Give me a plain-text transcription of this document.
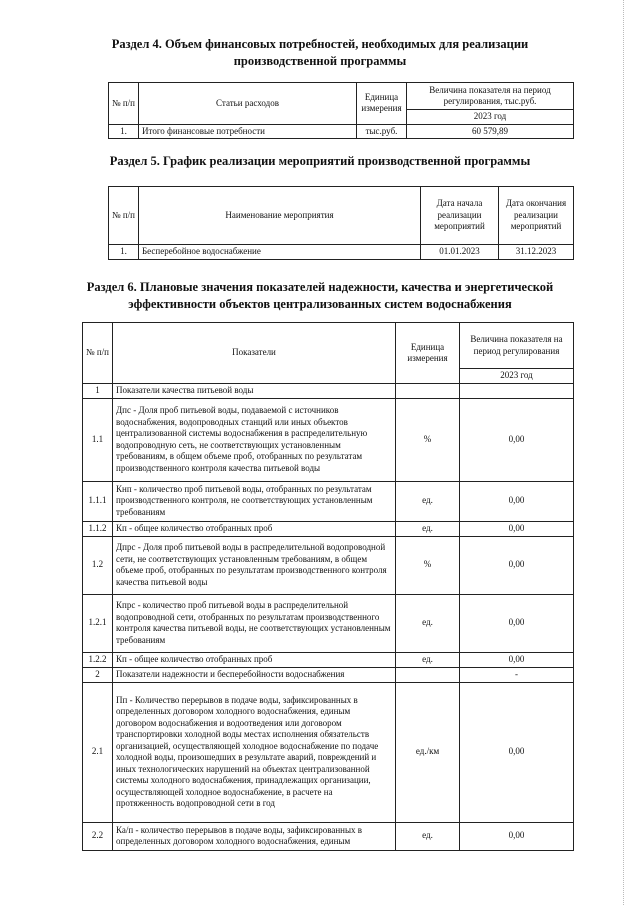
Раздел 4. Объем финансовых потребностей, необходимых для реализации производственной программы
№ п/п	Статьи расходов	Единица измерения	Величина показателя на период регулирования, тыс.руб.
			2023 год
1.	Итого финансовые потребности	тыс.руб.	60 579,89
Раздел 5. График реализации мероприятий производственной программы
№ п/п	Наименование мероприятия	Дата начала реализации мероприятий	Дата окончания реализации мероприятий
1.	Бесперебойное водоснабжение	01.01.2023	31.12.2023
Раздел 6. Плановые значения показателей надежности, качества и энергетической эффективности объектов централизованных систем водоснабжения
№ п/п	Показатели	Единица измерения	Величина показателя на период регулирования
			2023 год
1	Показатели качества питьевой воды		
1.1	Дпс - Доля проб питьевой воды, подаваемой с источников водоснабжения, водопроводных станций или иных объектов централизованной системы водоснабжения в распределительную водопроводную сеть, не соответствующих установленным требованиям, в общем объеме проб, отобранных по результатам производственного контроля качества питьевой воды	%	0,00
1.1.1	Кнп - количество проб питьевой воды, отобранных по результатам производственного контроля, не соответствующих установленным требованиям	ед.	0,00
1.1.2	Кп - общее количество отобранных проб	ед.	0,00
1.2	Дпрс - Доля проб питьевой воды в распределительной водопроводной сети, не соответствующих установленным требованиям, в общем объеме проб, отобранных по результатам производственного контроля качества питьевой воды	%	0,00
1.2.1	Кпрс - количество проб питьевой воды в распределительной водопроводной сети, отобранных по результатам производственного контроля качества питьевой воды, не соответствующих установленным требованиям	ед.	0,00
1.2.2	Кп - общее количество отобранных проб	ед.	0,00
2	Показатели надежности и бесперебойности водоснабжения		-
2.1	Пп - Количество перерывов в подаче воды, зафиксированных в определенных договором холодного водоснабжения, единым договором водоснабжения и водоотведения или договором транспортировки холодной воды местах исполнения обязательств организацией, осуществляющей холодное водоснабжение по подаче холодной воды, произошедших в результате аварий, повреждений и иных технологических нарушений на объектах централизованной системы холодного водоснабжения, принадлежащих организации, осуществляющей холодное водоснабжение, в расчете на протяженность водопроводной сети в год	ед./км	0,00
2.2	Ка/п - количество перерывов в подаче воды, зафиксированных в определенных договором холодного водоснабжения, единым	ед.	0,00
